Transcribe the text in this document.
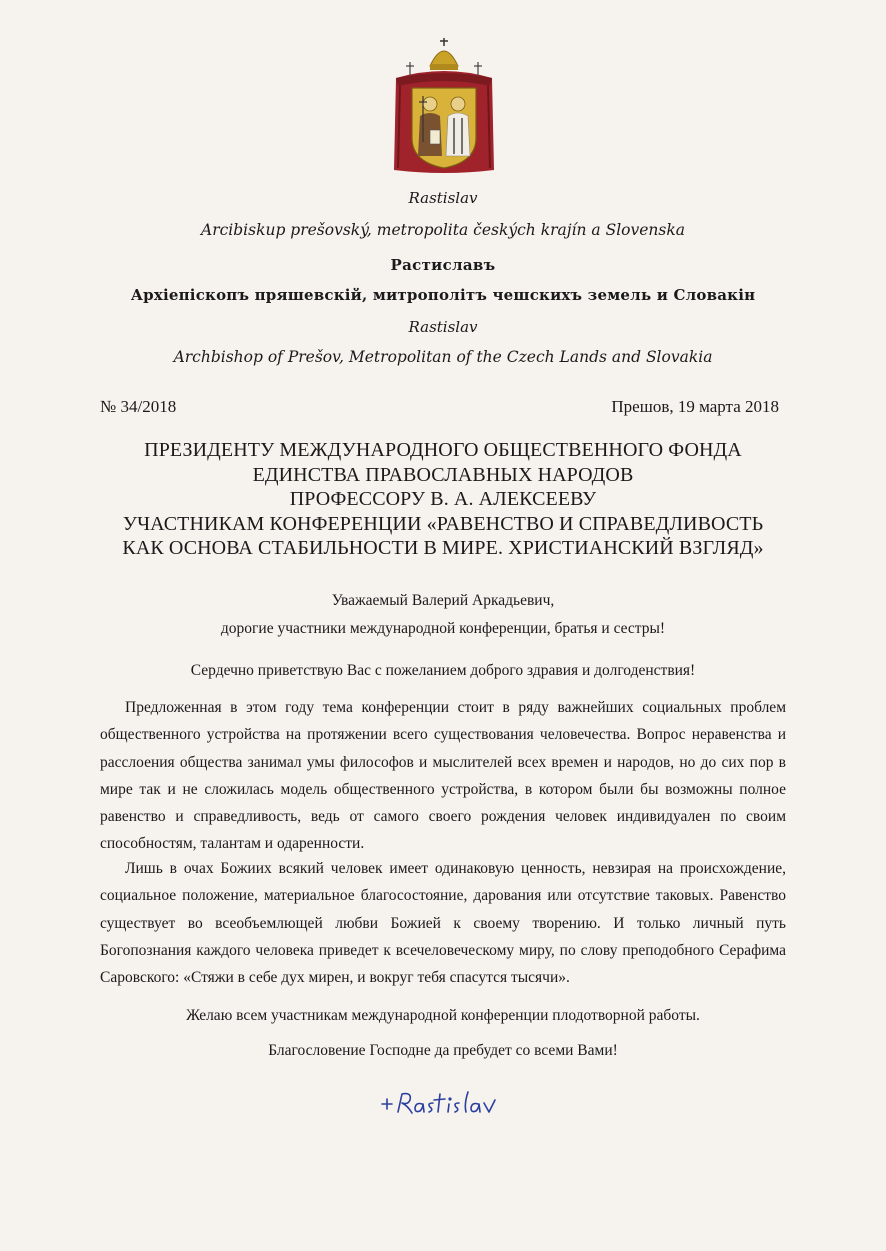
Rastislav
Arcibiskup prešovský, metropolita českých krajín a Slovenska
Растиславъ
Архіепіскопъ пряшевскій, митрополітъ чешскихъ земель и Словакін
Rastislav
Archbishop of Prešov, Metropolitan of the Czech Lands and Slovakia
№ 34/2018	Прешов, 19 марта 2018
ПРЕЗИДЕНТУ МЕЖДУНАРОДНОГО ОБЩЕСТВЕННОГО ФОНДА
ЕДИНСТВА ПРАВОСЛАВНЫХ НАРОДОВ
ПРОФЕССОРУ В. А. АЛЕКСЕЕВУ
УЧАСТНИКАМ КОНФЕРЕНЦИИ «РАВЕНСТВО И СПРАВЕДЛИВОСТЬ
КАК ОСНОВА СТАБИЛЬНОСТИ В МИРЕ. ХРИСТИАНСКИЙ ВЗГЛЯД»
Уважаемый Валерий Аркадьевич,
дорогие участники международной конференции, братья и сестры!
Сердечно приветствую Вас с пожеланием доброго здравия и долгоденствия!
Предложенная в этом году тема конференции стоит в ряду важнейших социальных проблем общественного устройства на протяжении всего существования человечества. Вопрос неравенства и расслоения общества занимал умы философов и мыслителей всех времен и народов, но до сих пор в мире так и не сложилась модель общественного устройства, в котором были бы возможны полное равенство и справедливость, ведь от самого своего рождения человек индивидуален по своим способностям, талантам и одаренности.
Лишь в очах Божиих всякий человек имеет одинаковую ценность, невзирая на происхождение, социальное положение, материальное благосостояние, дарования или отсутствие таковых. Равенство существует во всеобъемлющей любви Божией к своему творению. И только личный путь Богопознания каждого человека приведет к всечеловеческому миру, по слову преподобного Серафима Саровского: «Стяжи в себе дух мирен, и вокруг тебя спасутся тысячи».
Желаю всем участникам международной конференции плодотворной работы.
Благословение Господне да пребудет со всеми Вами!
